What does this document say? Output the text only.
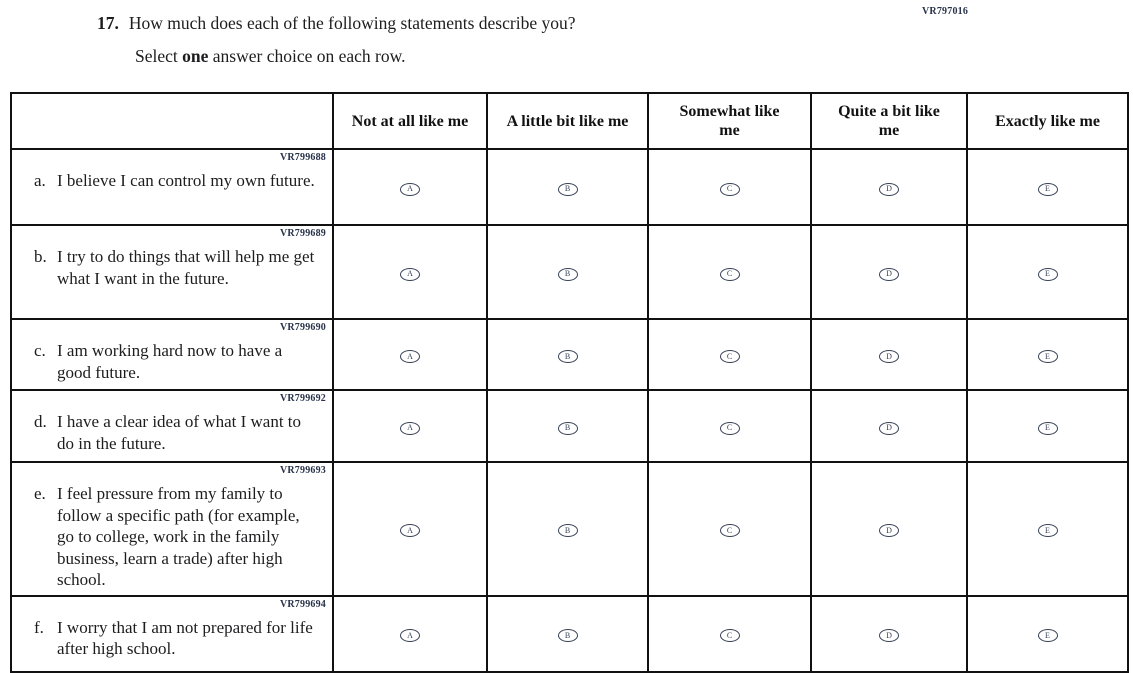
VR797016
17. How much does each of the following statements describe you?
Select one answer choice on each row.
	Not at all like me	A little bit like me	Somewhat like me	Quite a bit like me	Exactly like me

VR799688
a. I believe I can control my own future.	A	B	C	D	E

VR799689
b. I try to do things that will help me get what I want in the future.	A	B	C	D	E

VR799690
c. I am working hard now to have a good future.	A	B	C	D	E

VR799692
d. I have a clear idea of what I want to do in the future.	A	B	C	D	E

VR799693
e. I feel pressure from my family to follow a specific path (for example, go to college, work in the family business, learn a trade) after high school.	A	B	C	D	E

VR799694
f. I worry that I am not prepared for life after high school.	A	B	C	D	E
